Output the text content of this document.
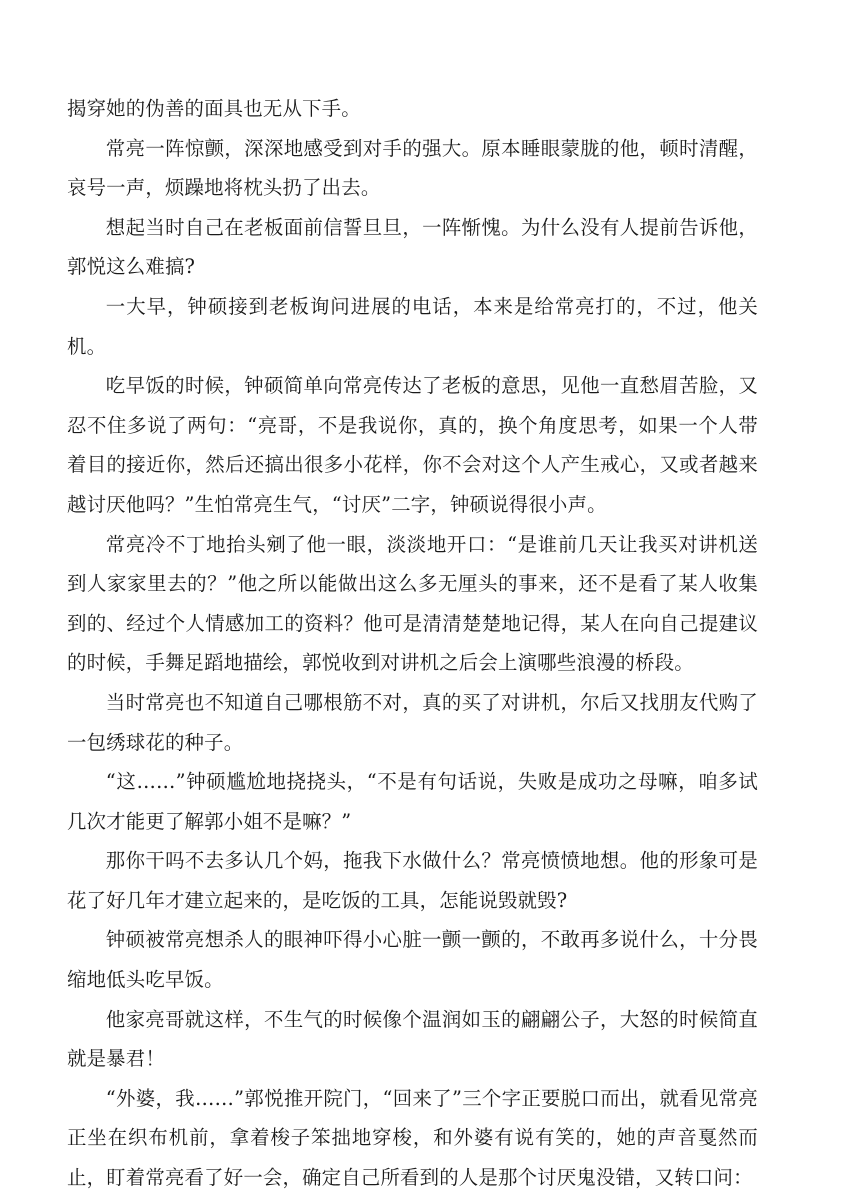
揭穿她的伪善的面具也无从下手。

常亮一阵惊颤，深深地感受到对手的强大。原本睡眼蒙胧的他，顿时清醒，哀号一声，烦躁地将枕头扔了出去。

想起当时自己在老板面前信誓旦旦，一阵惭愧。为什么没有人提前告诉他，郭悦这么难搞?

一大早，钟硕接到老板询问进展的电话，本来是给常亮打的，不过，他关机。

吃早饭的时候，钟硕简单向常亮传达了老板的意思，见他一直愁眉苦脸，又忍不住多说了两句：“亮哥，不是我说你，真的，换个角度思考，如果一个人带着目的接近你，然后还搞出很多小花样，你不会对这个人产生戒心，又或者越来越讨厌他吗？”生怕常亮生气，“讨厌”二字，钟硕说得很小声。

常亮冷不丁地抬头剜了他一眼，淡淡地开口：“是谁前几天让我买对讲机送到人家家里去的？”他之所以能做出这么多无厘头的事来，还不是看了某人收集到的、经过个人情感加工的资料？他可是清清楚楚地记得，某人在向自己提建议的时候，手舞足蹈地描绘，郭悦收到对讲机之后会上演哪些浪漫的桥段。

当时常亮也不知道自己哪根筋不对，真的买了对讲机，尔后又找朋友代购了一包绣球花的种子。

“这……”钟硕尴尬地挠挠头，“不是有句话说，失败是成功之母嘛，咱多试几次才能更了解郭小姐不是嘛？”

那你干吗不去多认几个妈，拖我下水做什么？常亮愤愤地想。他的形象可是花了好几年才建立起来的，是吃饭的工具，怎能说毁就毁?

钟硕被常亮想杀人的眼神吓得小心脏一颤一颤的，不敢再多说什么，十分畏缩地低头吃早饭。

他家亮哥就这样，不生气的时候像个温润如玉的翩翩公子，大怒的时候简直就是暴君！

“外婆，我……”郭悦推开院门，“回来了”三个字正要脱口而出，就看见常亮正坐在织布机前，拿着梭子笨拙地穿梭，和外婆有说有笑的，她的声音戛然而止，盯着常亮看了好一会，确定自己所看到的人是那个讨厌鬼没错，又转口问：
